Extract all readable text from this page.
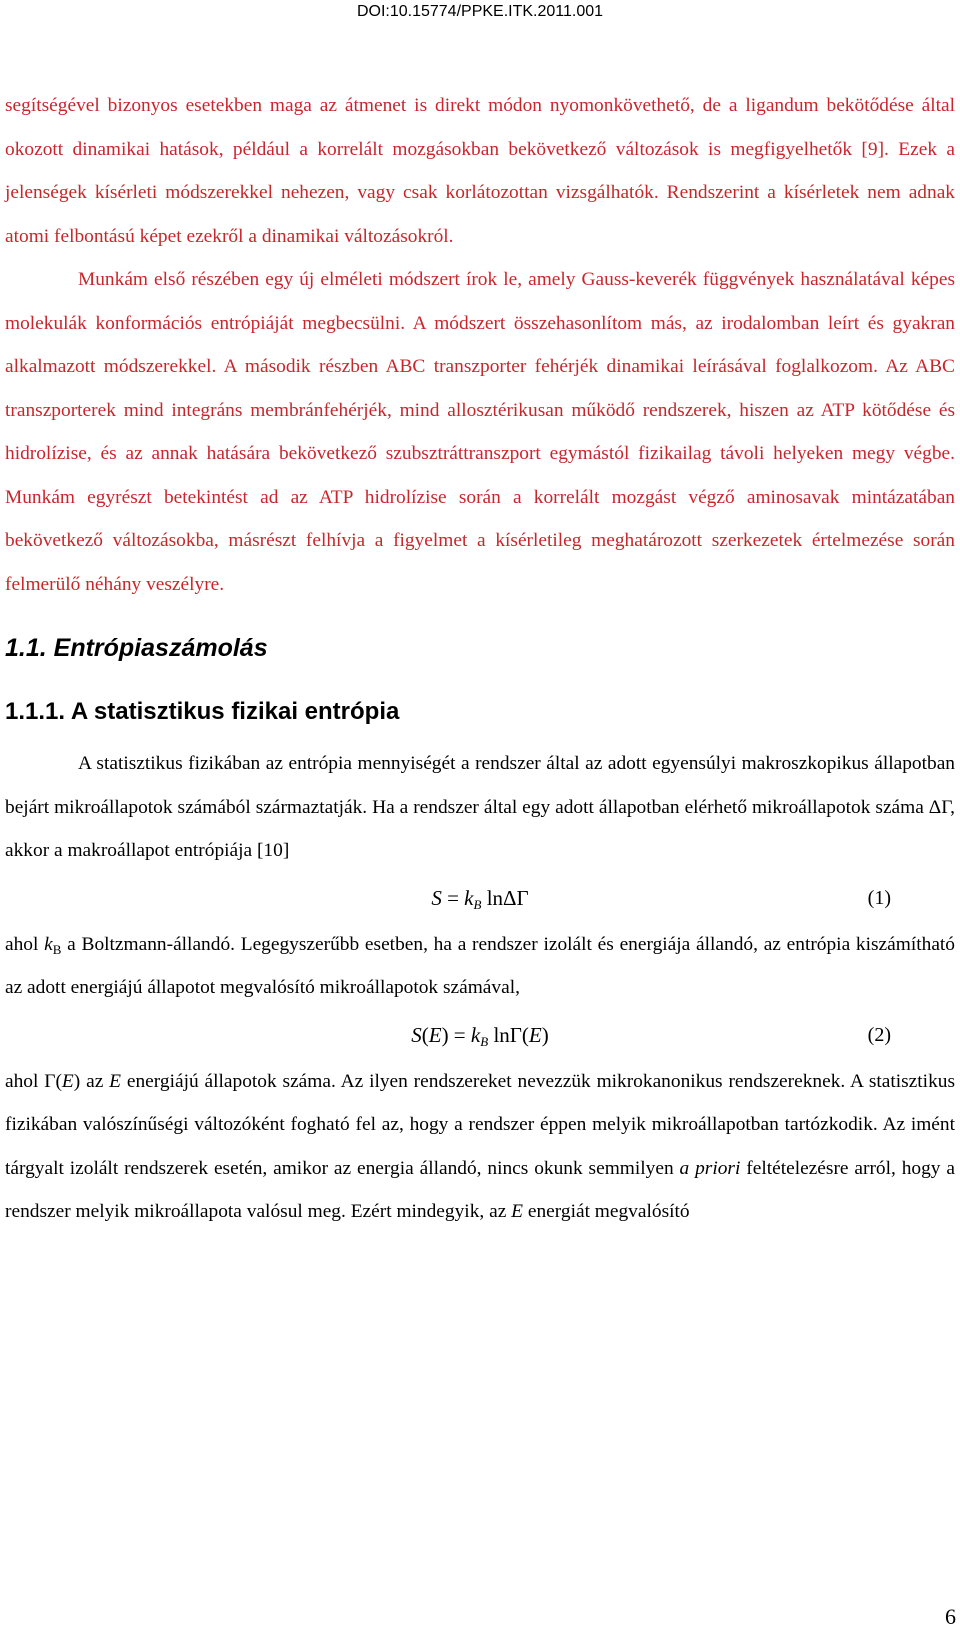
DOI:10.15774/PPKE.ITK.2011.001

segítségével bizonyos esetekben maga az átmenet is direkt módon nyomonkövethető, de a ligandum bekötődése által okozott dinamikai hatások, például a korrelált mozgásokban bekövetkező változások is megfigyelhetők [9]. Ezek a jelenségek kísérleti módszerekkel nehezen, vagy csak korlátozottan vizsgálhatók. Rendszerint a kísérletek nem adnak atomi felbontású képet ezekről a dinamikai változásokról.

Munkám első részében egy új elméleti módszert írok le, amely Gauss-keverék függvények használatával képes molekulák konformációs entrópiáját megbecsülni. A módszert összehasonlítom más, az irodalomban leírt és gyakran alkalmazott módszerekkel. A második részben ABC transzporter fehérjék dinamikai leírásával foglalkozom. Az ABC transzporterek mind integráns membránfehérjék, mind allosztérikusan működő rendszerek, hiszen az ATP kötődése és hidrolízise, és az annak hatására bekövetkező szubsztráttranszport egymástól fizikailag távoli helyeken megy végbe. Munkám egyrészt betekintést ad az ATP hidrolízise során a korrelált mozgást végző aminosavak mintázatában bekövetkező változásokba, másrészt felhívja a figyelmet a kísérletileg meghatározott szerkezetek értelmezése során felmerülő néhány veszélyre.

1.1. Entrópiaszámolás
1.1.1. A statisztikus fizikai entrópia

A statisztikus fizikában az entrópia mennyiségét a rendszer által az adott egyensúlyi makroszkopikus állapotban bejárt mikroállapotok számából származtatják. Ha a rendszer által egy adott állapotban elérhető mikroállapotok száma ΔΓ, akkor a makroállapot entrópiája [10]

$S = k_B$ lnΔΓ	(1)

ahol $k_B$ a Boltzmann-állandó. Legegyszerűbb esetben, ha a rendszer izolált és energiája állandó, az entrópia kiszámítható az adott energiájú állapotot megvalósító mikroállapotok számával,

$S(E) = k_B$ lnΓ(E)	(2)

ahol Γ(E) az E energiájú állapotok száma. Az ilyen rendszereket nevezzük mikrokanonikus rendszereknek. A statisztikus fizikában valószínűségi változóként fogható fel az, hogy a rendszer éppen melyik mikroállapotban tartózkodik. Az imént tárgyalt izolált rendszerek esetén, amikor az energia állandó, nincs okunk semmilyen a priori feltételezésre arról, hogy a rendszer melyik mikroállapota valósul meg. Ezért mindegyik, az E energiát megvalósító

6
